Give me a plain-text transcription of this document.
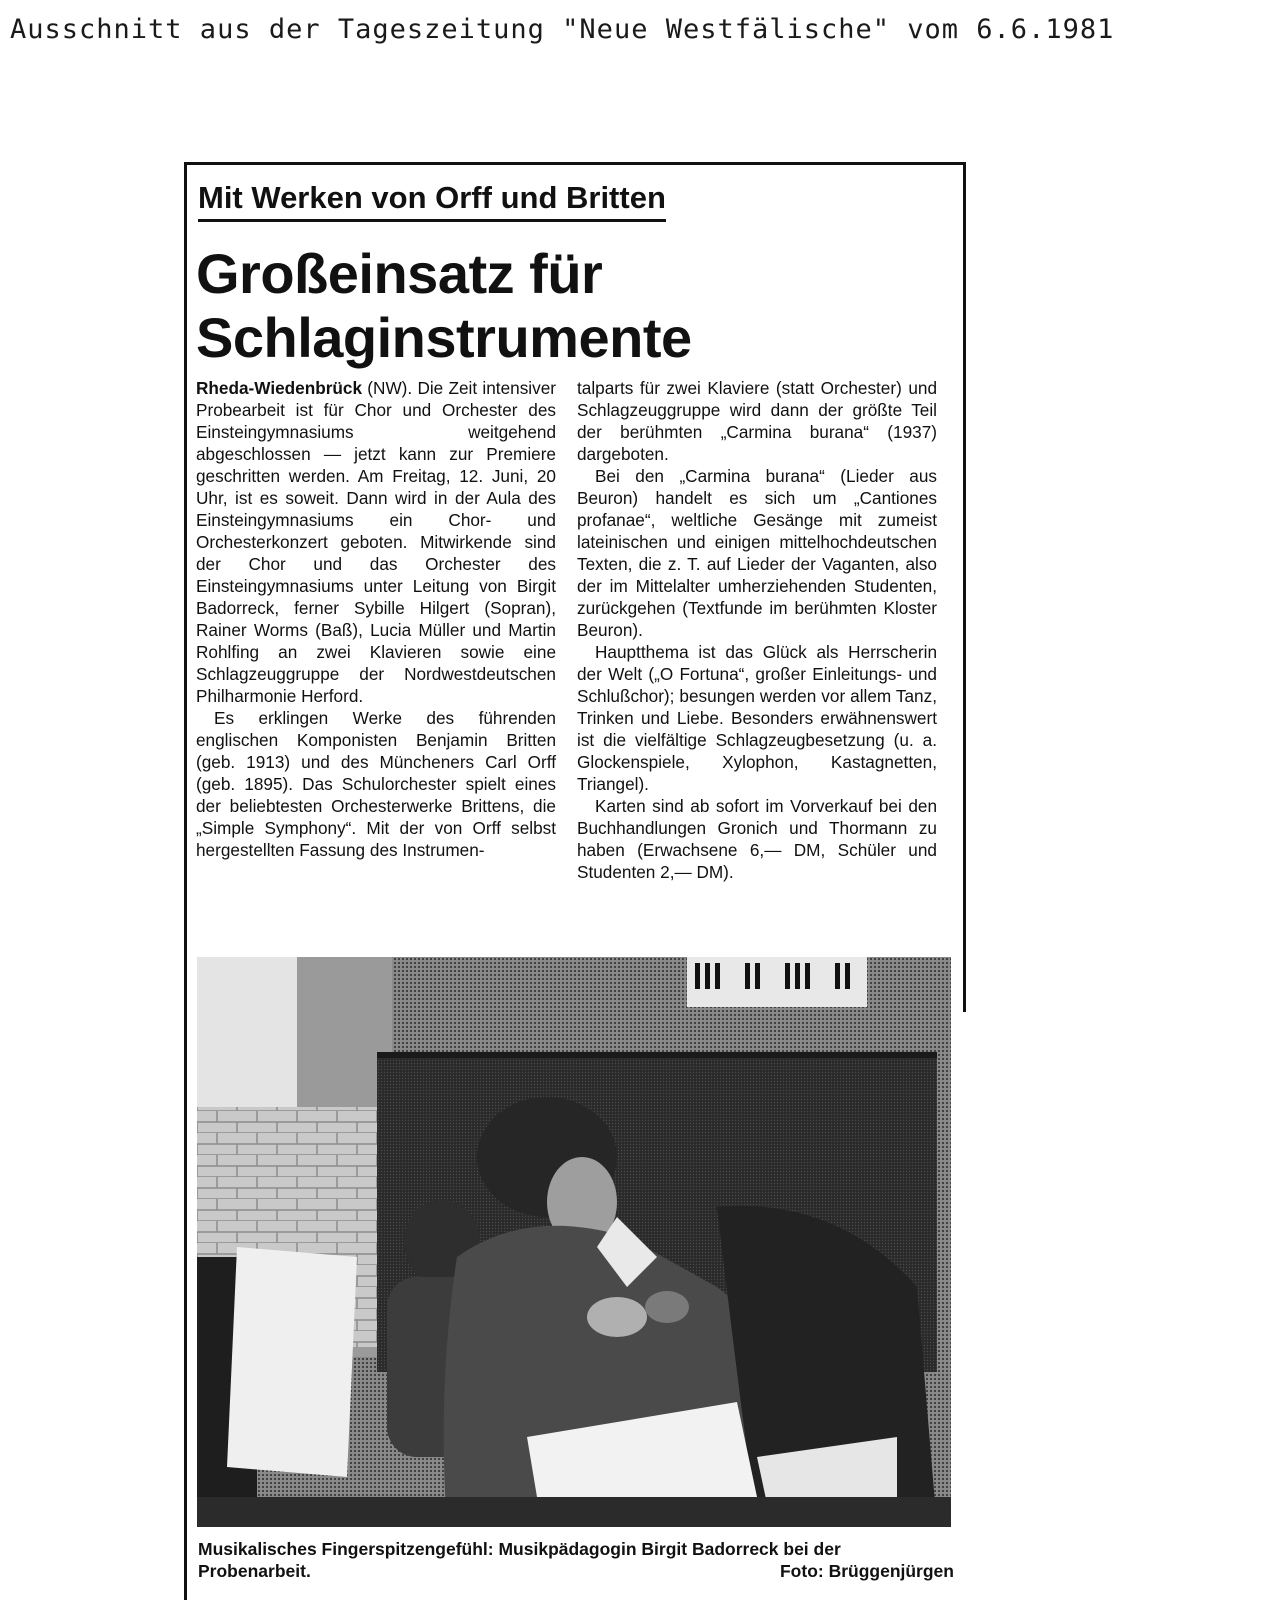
Ausschnitt aus der Tageszeitung "Neue Westfälische" vom 6.6.1981
Mit Werken von Orff und Britten
Großeinsatz für Schlaginstrumente

Rheda-Wiedenbrück (NW). Die Zeit intensiver Probearbeit ist für Chor und Orchester des Einsteingymnasiums weitgehend abgeschlossen — jetzt kann zur Premiere geschritten werden. Am Freitag, 12. Juni, 20 Uhr, ist es soweit. Dann wird in der Aula des Einsteingymnasiums ein Chor- und Orchesterkonzert geboten. Mitwirkende sind der Chor und das Orchester des Einsteingymnasiums unter Leitung von Birgit Badorreck, ferner Sybille Hilgert (Sopran), Rainer Worms (Baß), Lucia Müller und Martin Rohlfing an zwei Klavieren sowie eine Schlagzeuggruppe der Nordwestdeutschen Philharmonie Herford.

Es erklingen Werke des führenden englischen Komponisten Benjamin Britten (geb. 1913) und des Müncheners Carl Orff (geb. 1895). Das Schulorchester spielt eines der beliebtesten Orchesterwerke Brittens, die „Simple Symphony“. Mit der von Orff selbst hergestellten Fassung des Instrumen-

talparts für zwei Klaviere (statt Orchester) und Schlagzeuggruppe wird dann der größte Teil der berühmten „Carmina burana“ (1937) dargeboten.

Bei den „Carmina burana“ (Lieder aus Beuron) handelt es sich um „Cantiones profanae“, weltliche Gesänge mit zumeist lateinischen und einigen mittelhochdeutschen Texten, die z. T. auf Lieder der Vaganten, also der im Mittelalter umherziehenden Studenten, zurückgehen (Textfunde im berühmten Kloster Beuron).

Hauptthema ist das Glück als Herrscherin der Welt („O Fortuna“, großer Einleitungs- und Schlußchor); besungen werden vor allem Tanz, Trinken und Liebe. Besonders erwähnenswert ist die vielfältige Schlagzeugbesetzung (u. a. Glockenspiele, Xylophon, Kastagnetten, Triangel).

Karten sind ab sofort im Vorverkauf bei den Buchhandlungen Gronich und Thormann zu haben (Erwachsene 6,— DM, Schüler und Studenten 2,— DM).

Musikalisches Fingerspitzengefühl: Musikpädagogin Birgit Badorreck bei der Probenarbeit.	Foto: Brüggenjürgen
